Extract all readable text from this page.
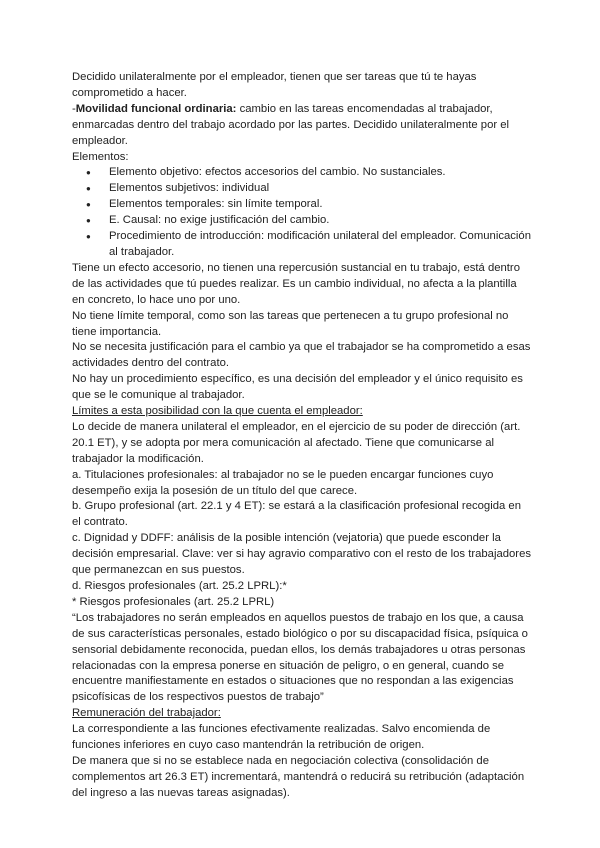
Decidido unilateralmente por el empleador, tienen que ser tareas que tú te hayas comprometido a hacer.

-Movilidad funcional ordinaria: cambio en las tareas encomendadas al trabajador, enmarcadas dentro del trabajo acordado por las partes. Decidido unilateralmente por el empleador.

Elementos:

● Elemento objetivo: efectos accesorios del cambio. No sustanciales.
● Elementos subjetivos: individual
● Elementos temporales: sin límite temporal.
● E. Causal: no exige justificación del cambio.
● Procedimiento de introducción: modificación unilateral del empleador. Comunicación al trabajador.

Tiene un efecto accesorio, no tienen una repercusión sustancial en tu trabajo, está dentro de las actividades que tú puedes realizar. Es un cambio individual, no afecta a la plantilla en concreto, lo hace uno por uno.

No tiene límite temporal, como son las tareas que pertenecen a tu grupo profesional no tiene importancia.

No se necesita justificación para el cambio ya que el trabajador se ha comprometido a esas actividades dentro del contrato.

No hay un procedimiento específico, es una decisión del empleador y el único requisito es que se le comunique al trabajador.

Límites a esta posibilidad con la que cuenta el empleador:

Lo decide de manera unilateral el empleador, en el ejercicio de su poder de dirección (art. 20.1 ET), y se adopta por mera comunicación al afectado. Tiene que comunicarse al trabajador la modificación.

a. Titulaciones profesionales: al trabajador no se le pueden encargar funciones cuyo desempeño exija la posesión de un título del que carece.

b. Grupo profesional (art. 22.1 y 4 ET): se estará a la clasificación profesional recogida en el contrato.

c. Dignidad y DDFF: análisis de la posible intención (vejatoria) que puede esconder la decisión empresarial. Clave: ver si hay agravio comparativo con el resto de los trabajadores que permanezcan en sus puestos.

d. Riesgos profesionales (art. 25.2 LPRL):*

* Riesgos profesionales (art. 25.2 LPRL)

“Los trabajadores no serán empleados en aquellos puestos de trabajo en los que, a causa de sus características personales, estado biológico o por su discapacidad física, psíquica o sensorial debidamente reconocida, puedan ellos, los demás trabajadores u otras personas relacionadas con la empresa ponerse en situación de peligro, o en general, cuando se encuentre manifiestamente en estados o situaciones que no respondan a las exigencias psicofísicas de los respectivos puestos de trabajo”

Remuneración del trabajador:

La correspondiente a las funciones efectivamente realizadas. Salvo encomienda de funciones inferiores en cuyo caso mantendrán la retribución de origen.

De manera que si no se establece nada en negociación colectiva (consolidación de complementos art 26.3 ET) incrementará, mantendrá o reducirá su retribución (adaptación del ingreso a las nuevas tareas asignadas).
